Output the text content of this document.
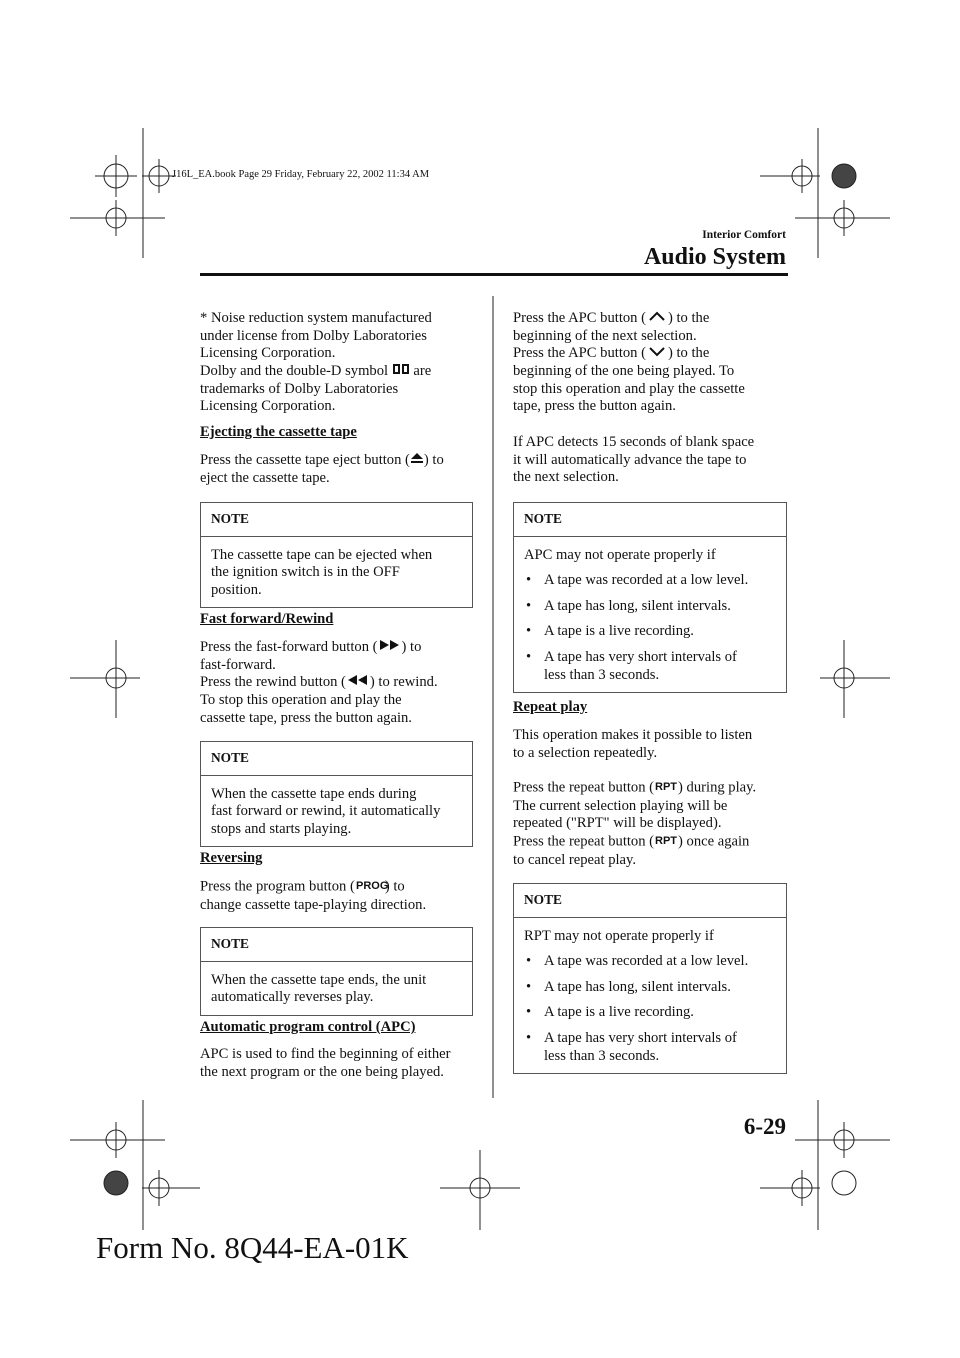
J16L_EA.book Page 29 Friday, February 22, 2002 11:34 AM
Interior Comfort
Audio System

* Noise reduction system manufactured

under license from Dolby Laboratories

Licensing Corporation.

Dolby and the double-D symbol are

trademarks of Dolby Laboratories

Licensing Corporation.

Ejecting the cassette tape

Press the cassette tape eject button ( ) to

eject the cassette tape.

NOTE
The cassette tape can be ejected when
the ignition switch is in the OFF
position.
Fast forward/Rewind

Press the fast-forward button ( ) to

fast-forward.

Press the rewind button ( ) to rewind.

To stop this operation and play the

cassette tape, press the button again.

NOTE
When the cassette tape ends during
fast forward or rewind, it automatically
stops and starts playing.
Reversing

Press the program button ( PROG
) to

change cassette tape-playing direction.

NOTE
When the cassette tape ends, the unit
automatically reverses play.
Automatic program control (APC)

APC is used to find the beginning of either

the next program or the one being played.

Press the APC button ( ) to the

beginning of the next selection.

Press the APC button ( ) to the

beginning of the one being played. To

stop this operation and play the cassette

tape, press the button again.

If APC detects 15 seconds of blank space

it will automatically advance the tape to

the next selection.

NOTE
APC may not operate properly if
• A tape was recorded at a low level.
• A tape has long, silent intervals.
• A tape is a live recording.
• A tape has very short intervals of
less than 3 seconds.
Repeat play

This operation makes it possible to listen

to a selection repeatedly.

Press the repeat button ( RPT ) during play.

The current selection playing will be

repeated ("RPT" will be displayed).

Press the repeat button ( RPT ) once again

to cancel repeat play.

NOTE
RPT may not operate properly if
• A tape was recorded at a low level.
• A tape has long, silent intervals.
• A tape is a live recording.
• A tape has very short intervals of
less than 3 seconds.
6-29
Form No. 8Q44-EA-01K
